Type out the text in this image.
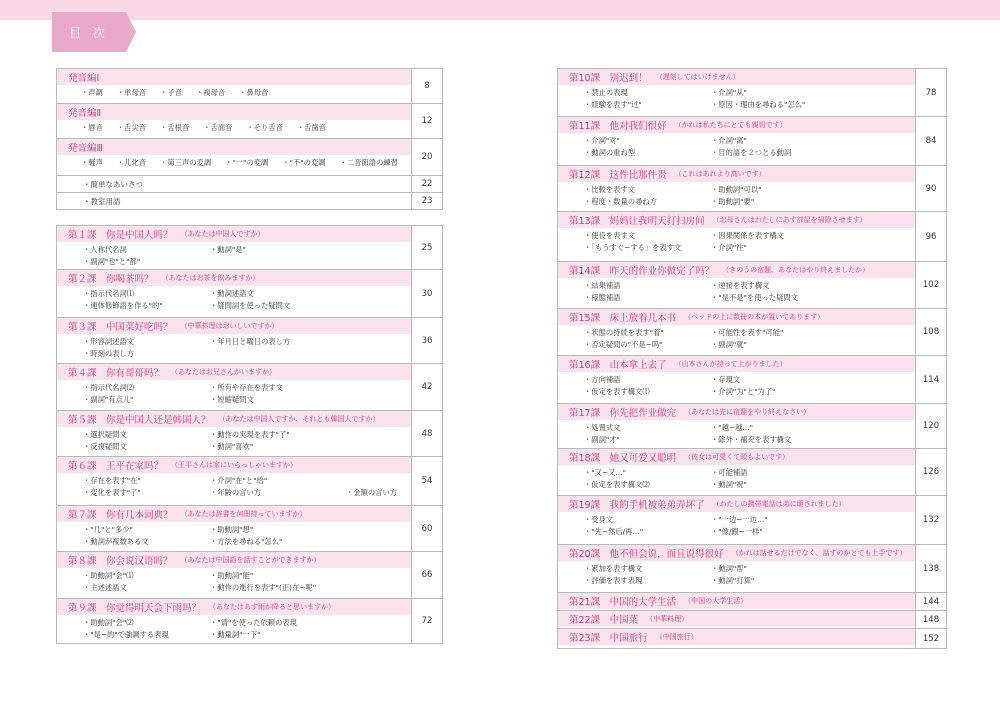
目 次
発音編Ⅰ
・声調 ・単母音 ・子音 ・複母音 ・鼻母音
8
発音編Ⅱ
・唇音 ・舌尖音 ・舌根音 ・舌面音 ・そり舌音 ・舌歯音
12
発音編Ⅲ
・軽声 ・儿化音 ・第三声の変調 ・"一"の変調 ・"不"の変調 ・二音節語の練習
20
・簡単なあいさつ	22
・教室用語	23
第１課　你是中国人吗？ （あなたは中国人ですか）
・人称代名詞	・動詞"是"
・副詞"也"と"都"
25
第２課　你喝茶吗？ （あなたはお茶を飲みますか）
・指示代名詞⑴	・動詞述語文
・連体修飾語を作る"的"	・疑問詞を使った疑問文
30
第３課　中国菜好吃吗？ （中華料理はおいしいですか）
・形容詞述語文	・年月日と曜日の表し方
・時刻の表し方
36
第４課　你有哥哥吗？ （あなたはお兄さんがいますか）
・指示代名詞⑵	・所有や存在を表す文
・副詞"有点儿"	・短縮疑問文
42
第５課　你是中国人还是韩国人？ （あなたは中国人ですか、それとも韓国人ですか）
・選択疑問文	・動作の実現を表す"了"
・反復疑問文	・動詞"喜欢"
48
第６課　王平在家吗？ （王平さんは家にいらっしゃいますか）
・存在を表す"在"	・介詞"在"と"给"
・変化を表す"了"	・年齢の言い方	・金額の言い方
54
第７課　你有几本词典？ （あなたは辞書を何冊持っていますか）
・"几"と"多少"	・助動詞"想"
・動詞が複数ある文	・方法を尋ねる"怎么"
60
第８課　你会说汉语吗？ （あなたは中国語を話すことができますか）
・助動詞"会"⑴	・助動詞"能"
・主述述語文	・動作の進行を表す"(正)在~呢"
66
第９課　你觉得明天会下雨吗？ （あなたはあす雨が降ると思いますか）
・助動詞"会"⑵	・"请"を使った依頼の表現
・"是~的"で強調する表現	・動量詞"一下"
72
第10課　别迟到！ （遅刻してはいけません）
・禁止の表現	・介詞"从"
・経験を表す"过"	・原因・理由を尋ねる"怎么"
78
第11課　他对我们很好 （かれは私たちにとても親切です）
・介詞"对"	・介詞"离"
・動詞の重ね型	・目的語を２つとる動詞
84
第12課　这件比那件贵 （これはあれより高いです）
・比較を表す文	・助動詞"可以"
・程度・数量の尋ね方	・助動詞"要"
90
第13課　妈妈让我明天打扫房间 （お母さんはわたしにあす部屋を掃除させます）
・使役を表す文	・因果関係を表す構文
・「もうすぐ~する」を表す文	・介詞"往"
96
第14課　昨天的作业你做完了吗？ （きのうの宿題、あなたはやり終えましたか）
・結果補語	・逆接を表す構文
・様態補語	・"是不是"を使った疑問文
102
第15課　床上放着几本书 （ベッドの上に数冊の本が置いてあります）
・状態の持続を表す"着"	・可能性を表す"可能"
・否定疑問の"不是~吗"	・副詞"就"
108
第16課　山本拿上去了 （山本さんが持って上がりました）
・方向補語	・存現文
・仮定を表す構文⑴	・介詞"为"と"为了"
114
第17課　你先把作业做完 （あなたは先に宿題をやり終えなさい）
・処置式文	・"越~越…"
・副詞"才"	・除外・補充を表す構文
120
第18課　她又可爱又聪明 （彼女は可愛くて頭もよいです）
・"又~又…"	・可能補語
・仮定を表す構文⑵	・動詞"祝"
126
第19課　我的手机被弟弟弄坏了 （わたしの携帯電話は弟に壊されました）
・受身文	・"一边~一边…"
・"先~然后/再…"	・"像/跟~一样"
132
第20課　他不但会说，而且说得很好 （かれは話せるだけでなく、話すのがとても上手です）
・累加を表す構文	・動詞"帮"
・評価を表す表現	・動詞"打算"
138
第21課　中国的大学生活 （中国の大学生活）	144
第22課　中国菜 （中華料理）	148
第23課　中国旅行 （中国旅行）	152
